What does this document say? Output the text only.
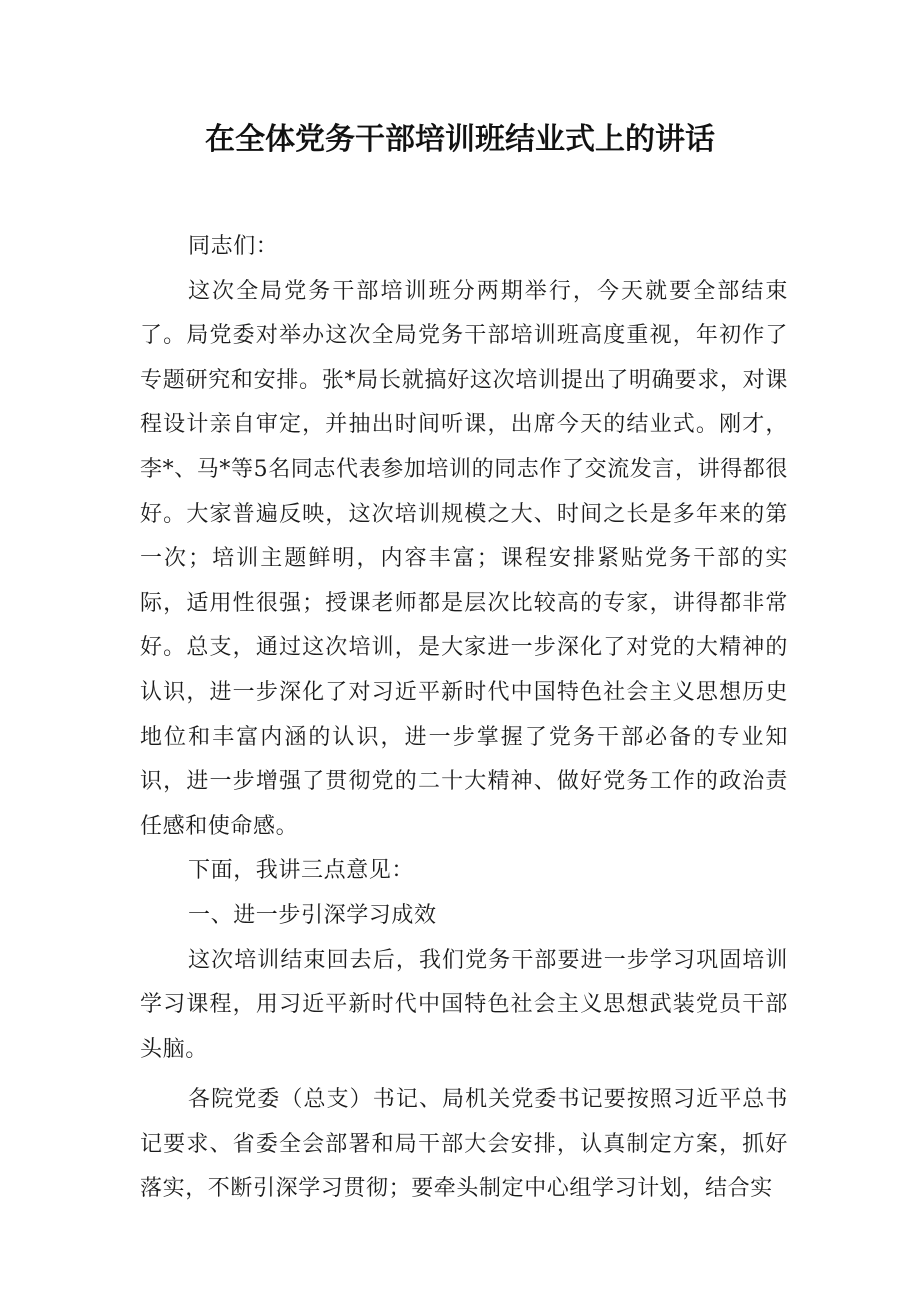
在全体党务干部培训班结业式上的讲话

同志们：

这次全局党务干部培训班分两期举行，今天就要全部结束了。局党委对举办这次全局党务干部培训班高度重视，年初作了专题研究和安排。张*局长就搞好这次培训提出了明确要求，对课程设计亲自审定，并抽出时间听课，出席今天的结业式。刚才，李*、马*等5名同志代表参加培训的同志作了交流发言，讲得都很好。大家普遍反映，这次培训规模之大、时间之长是多年来的第一次；培训主题鲜明，内容丰富；课程安排紧贴党务干部的实际，适用性很强；授课老师都是层次比较高的专家，讲得都非常好。总支，通过这次培训，是大家进一步深化了对党的大精神的认识，进一步深化了对习近平新时代中国特色社会主义思想历史地位和丰富内涵的认识，进一步掌握了党务干部必备的专业知识，进一步增强了贯彻党的二十大精神、做好党务工作的政治责任感和使命感。

下面，我讲三点意见：

一、进一步引深学习成效

这次培训结束回去后，我们党务干部要进一步学习巩固培训学习课程，用习近平新时代中国特色社会主义思想武装党员干部头脑。

各院党委（总支）书记、局机关党委书记要按照习近平总书记要求、省委全会部署和局干部大会安排，认真制定方案，抓好落实，不断引深学习贯彻；要牵头制定中心组学习计划，结合实
